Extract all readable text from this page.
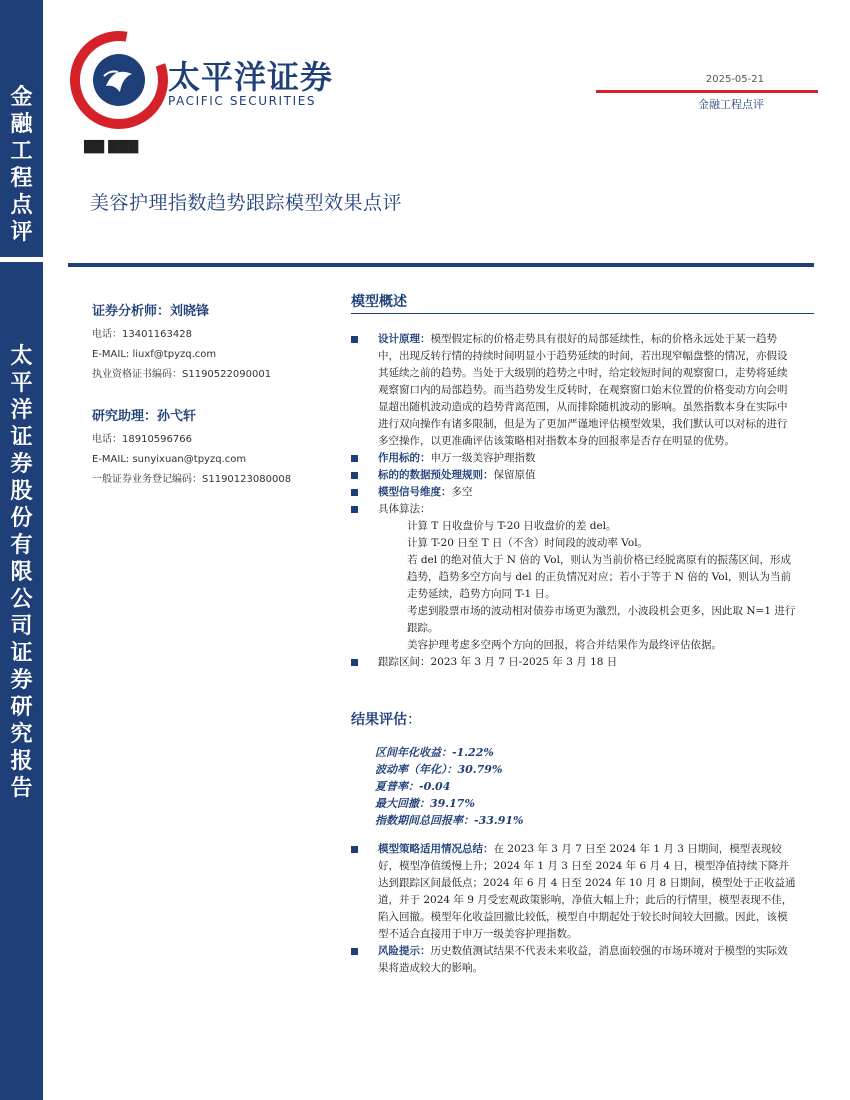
金
融
工
程
点
评
太
平
洋
证
券
股
份
有
限
公
司
证
券
研
究
报
告
太平洋证券
PACIFIC SECURITIES
2025-05-21
金融工程点评
▇▇ ▇▇▇
美容护理指数趋势跟踪模型效果点评
证券分析师：刘晓锋
电话：13401163428
E-MAIL: liuxf@tpyzq.com
执业资格证书编码：S1190522090001
研究助理：孙弋轩
电话：18910596766
E-MAIL: sunyixuan@tpyzq.com
一般证券业务登记编码：S1190123080008
模型概述
设计原理：模型假定标的价格走势具有很好的局部延续性，标的价格永远处于某一趋势中，出现反转行情的持续时间明显小于趋势延续的时间，若出现窄幅盘整的情况，亦假设其延续之前的趋势。当处于大级别的趋势之中时，给定较短时间的观察窗口，走势将延续观察窗口内的局部趋势。而当趋势发生反转时，在观察窗口始末位置的价格变动方向会明显超出随机波动造成的趋势背离范围，从而排除随机波动的影响。虽然指数本身在实际中进行双向操作有诸多限制，但是为了更加严谨地评估模型效果，我们默认可以对标的进行多空操作，以更准确评估该策略相对指数本身的回报率是否存在明显的优势。
作用标的：申万一级美容护理指数
标的的数据预处理规则：保留原值
模型信号维度：多空
具体算法：
计算 T 日收盘价与 T-20 日收盘价的差 del。
计算 T-20 日至 T 日（不含）时间段的波动率 Vol。
若 del 的绝对值大于 N 倍的 Vol，则认为当前价格已经脱离原有的振荡区间，形成趋势，趋势多空方向与 del 的正负情况对应；若小于等于 N 倍的 Vol，则认为当前走势延续，趋势方向同 T-1 日。
考虑到股票市场的波动相对债券市场更为激烈，小波段机会更多，因此取 N=1 进行跟踪。
美容护理考虑多空两个方向的回报，将合并结果作为最终评估依据。
跟踪区间：2023 年 3 月 7 日-2025 年 3 月 18 日
结果评估：
区间年化收益：-1.22%
波动率（年化）：30.79%
夏普率：-0.04
最大回撤：39.17%
指数期间总回报率：-33.91%
模型策略适用情况总结：在 2023 年 3 月 7 日至 2024 年 1 月 3 日期间，模型表现较好，模型净值缓慢上升；2024 年 1 月 3 日至 2024 年 6 月 4 日，模型净值持续下降并达到跟踪区间最低点；2024 年 6 月 4 日至 2024 年 10 月 8 日期间，模型处于正收益通道，并于 2024 年 9 月受宏观政策影响，净值大幅上升；此后的行情里，模型表现不佳，陷入回撤。模型年化收益回撤比较低，模型自中期起处于较长时间较大回撤。因此，该模型不适合直接用于申万一级美容护理指数。
风险提示：历史数值测试结果不代表未来收益，消息面较强的市场环境对于模型的实际效果将造成较大的影响。
